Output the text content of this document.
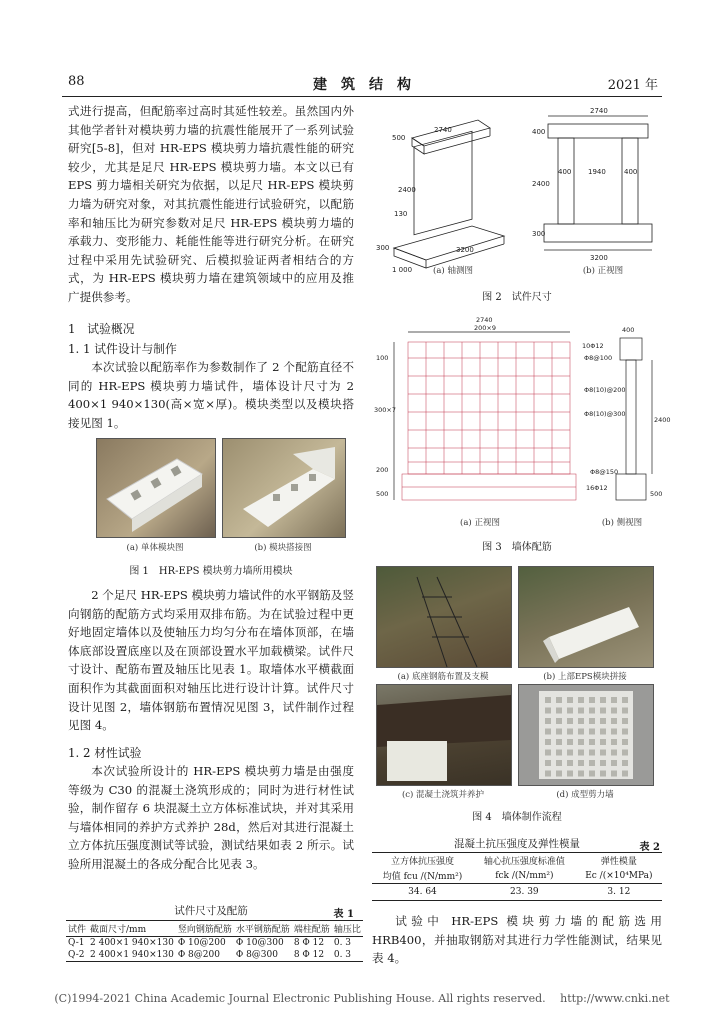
88	建　筑　结　构	2021 年

式进行提高，但配筋率过高时其延性较差。虽然国内外其他学者针对模块剪力墙的抗震性能展开了一系列试验研究[5-8]，但对 HR-EPS 模块剪力墙抗震性能的研究较少，尤其是足尺 HR-EPS 模块剪力墙。本文以已有 EPS 剪力墙相关研究为依据，以足尺 HR-EPS 模块剪力墙为研究对象，对其抗震性能进行试验研究，以配筋率和轴压比为研究参数对足尺 HR-EPS 模块剪力墙的承载力、变形能力、耗能性能等进行研究分析。在研究过程中采用先试验研究、后模拟验证两者相结合的方式，为 HR-EPS 模块剪力墙在建筑领域中的应用及推广提供参考。

1　试验概况
1. 1 试件设计与制作

本次试验以配筋率作为参数制作了 2 个配筋直径不同的 HR-EPS 模块剪力墙试件，墙体设计尺寸为 2 400×1 940×130(高×宽×厚)。模块类型以及模块搭接见图 1。

(a) 单体模块图	(b) 模块搭接图
图 1　HR-EPS 模块剪力墙所用模块

2 个足尺 HR-EPS 模块剪力墙试件的水平钢筋及竖向钢筋的配筋方式均采用双排布筋。为在试验过程中更好地固定墙体以及使轴压力均匀分布在墙体顶部，在墙体底部设置底座以及在顶部设置水平加载横梁。试件尺寸设计、配筋布置及轴压比见表 1。取墙体水平横截面面积作为其截面面积对轴压比进行设计计算。试件尺寸设计见图 2，墙体钢筋布置情况见图 3，试件制作过程见图 4。

1. 2 材性试验

本次试验所设计的 HR-EPS 模块剪力墙是由强度等级为 C30 的混凝土浇筑形成的；同时为进行材性试验，制作留存 6 块混凝土立方体标准试块，并对其采用与墙体相同的养护方式养护 28d，然后对其进行混凝土立方体抗压强度测试等试验，测试结果如表 2 所示。试验所用混凝土的各成分配合比见表 3。

试件尺寸及配筋	表 1
试件	截面尺寸/mm	竖向钢筋配筋	水平钢筋配筋	端柱配筋	轴压比
Q-1	2 400×1 940×130	Φ 10@200	Φ 10@300	8 Φ 12	0. 3
Q-2	2 400×1 940×130	Φ 8@200	Φ 8@300	8 Φ 12	0. 3
2740
500
2400
130
300	3200
1 000
2740
400
2400
300
400 1940	400
3200
(a) 轴测图	(b) 正视图
图 2　试件尺寸
2740
200×9
100
300×7
200
500
400
10Φ12
Φ8@100
Φ8(10)@200
Φ8(10)@300
2400
Φ8@150
16Φ12
500
(a) 正视图	(b) 侧视图
图 3　墙体配筋
(a) 底座钢筋布置及支模	(b) 上部EPS模块拼接
(c) 混凝土浇筑并养护	(d) 成型剪力墙
图 4　墙体制作流程
混凝土抗压强度及弹性模量	表 2
立方体抗压强度	轴心抗压强度标准值	弹性模量
均值 fcu /(N/mm²)	fck /(N/mm²)	Ec /(×10⁴MPa)
34. 64	23. 39	3. 12

试验中 HR-EPS 模块剪力墙的配筋选用 HRB400，并抽取钢筋对其进行力学性能测试，结果见表 4。

(C)1994-2021 China Academic Journal Electronic Publishing House. All rights reserved.　 http://www.cnki.net
